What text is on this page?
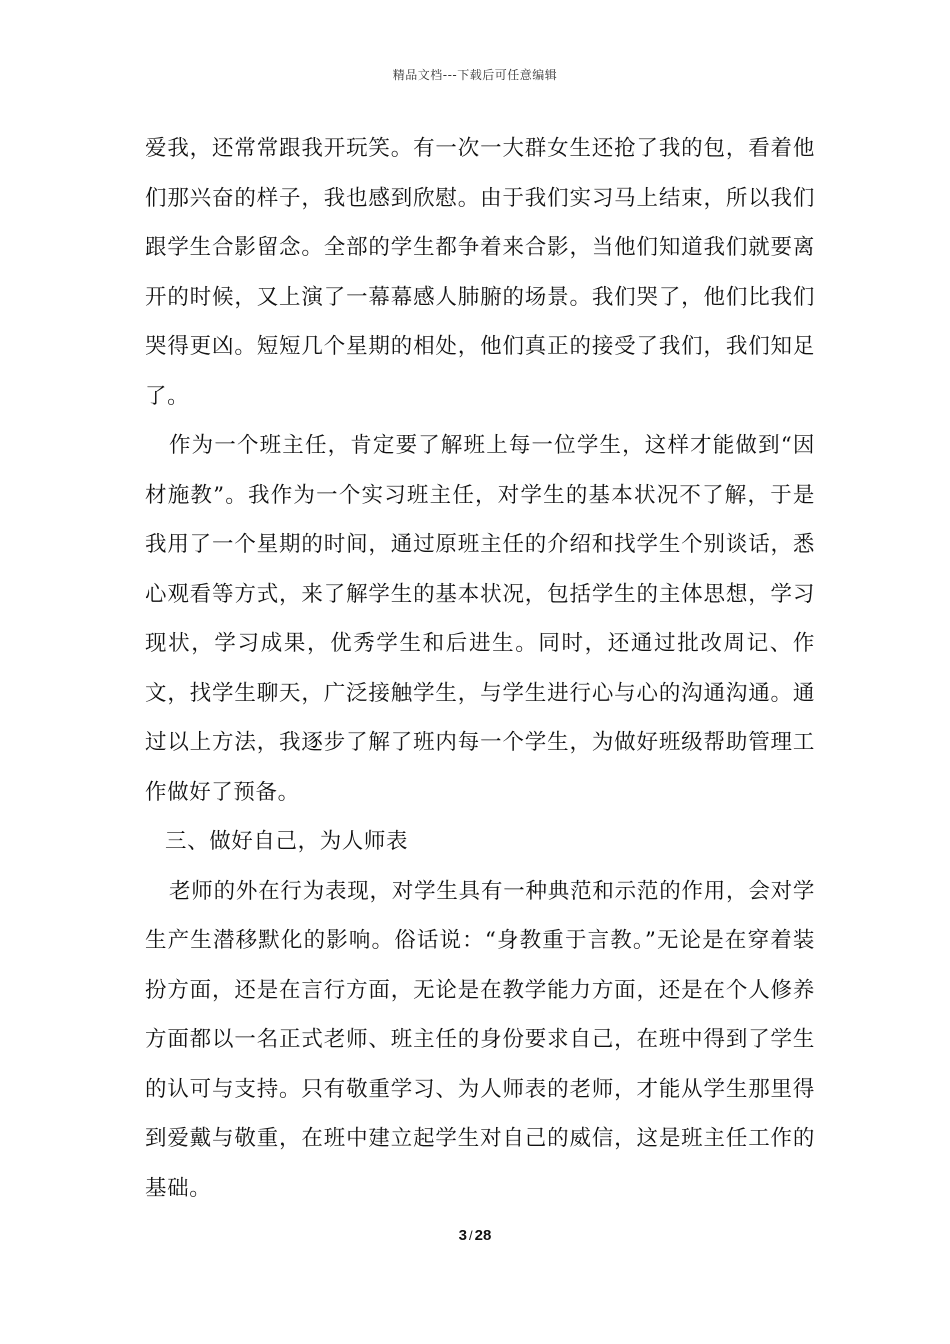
精品文档---下载后可任意编辑

爱我，还常常跟我开玩笑。有一次一大群女生还抢了我的包，看着他们那兴奋的样子，我也感到欣慰。由于我们实习马上结束，所以我们跟学生合影留念。全部的学生都争着来合影，当他们知道我们就要离开的时候，又上演了一幕幕感人肺腑的场景。我们哭了，他们比我们哭得更凶。短短几个星期的相处，他们真正的接受了我们，我们知足了。

作为一个班主任，肯定要了解班上每一位学生，这样才能做到“因材施教”。我作为一个实习班主任，对学生的基本状况不了解，于是我用了一个星期的时间，通过原班主任的介绍和找学生个别谈话，悉心观看等方式，来了解学生的基本状况，包括学生的主体思想，学习现状，学习成果，优秀学生和后进生。同时，还通过批改周记、作文，找学生聊天，广泛接触学生，与学生进行心与心的沟通沟通。通过以上方法，我逐步了解了班内每一个学生，为做好班级帮助管理工作做好了预备。

三、做好自己，为人师表

老师的外在行为表现，对学生具有一种典范和示范的作用，会对学生产生潜移默化的影响。俗话说：“身教重于言教。”无论是在穿着装扮方面，还是在言行方面，无论是在教学能力方面，还是在个人修养方面都以一名正式老师、班主任的身份要求自己，在班中得到了学生的认可与支持。只有敬重学习、为人师表的老师，才能从学生那里得到爱戴与敬重，在班中建立起学生对自己的威信，这是班主任工作的基础。

3 / 28
